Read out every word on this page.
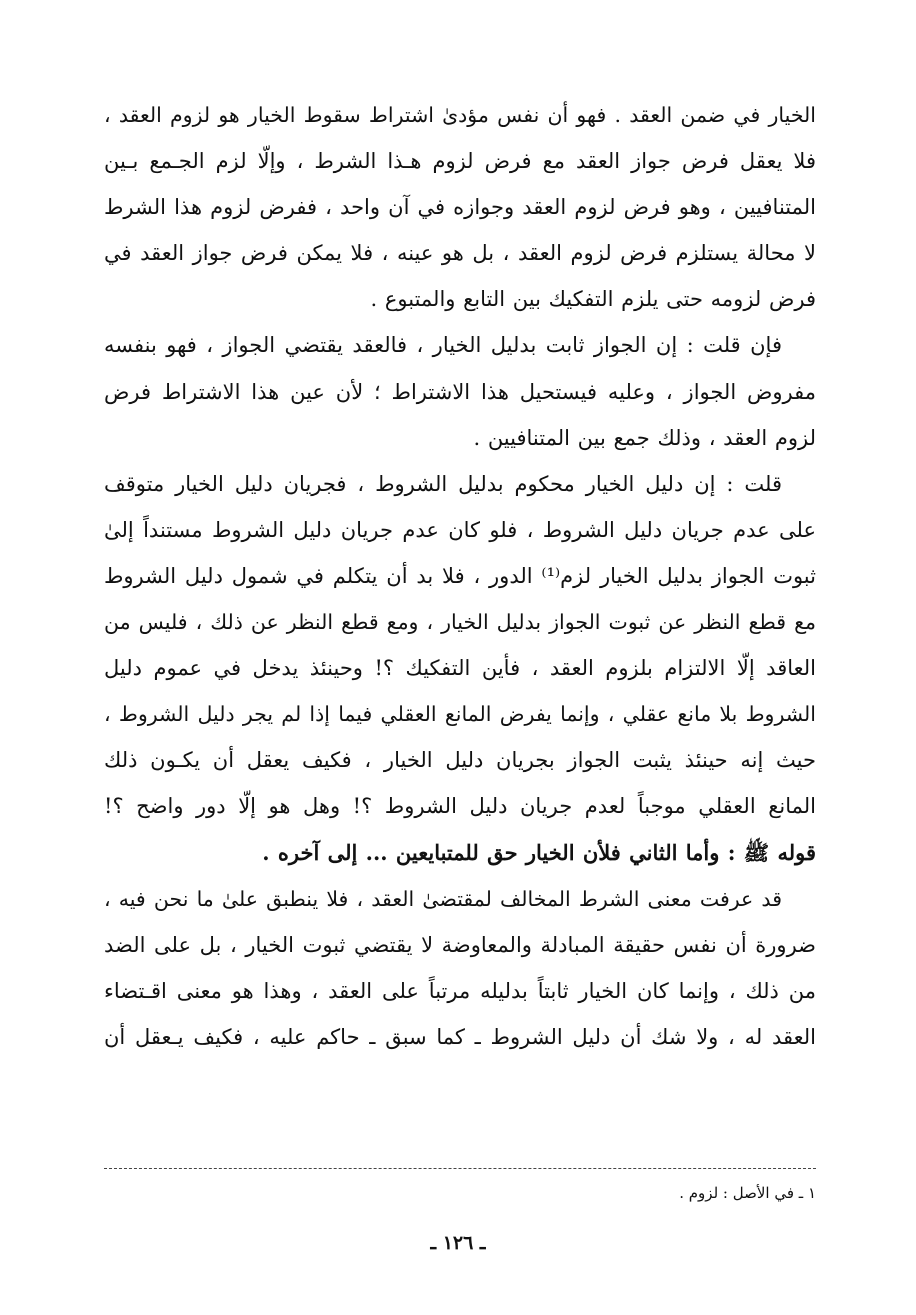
الخيار في ضمن العقد . فهو أن نفس مؤدىٰ اشتراط سقوط الخيار هو لزوم العقد ،
فلا يعقل فرض جواز العقد مع فرض لزوم هـذا الشرط ، وإلّا لزم الجـمع بـين
المتنافيين ، وهو فرض لزوم العقد وجوازه في آن واحد ، ففرض لزوم هذا الشرط
لا محالة يستلزم فرض لزوم العقد ، بل هو عينه ، فلا يمكن فرض جواز العقد في
فرض لزومه حتى يلزم التفكيك بين التابع والمتبوع .
فإن قلت : إن الجواز ثابت بدليل الخيار ، فالعقد يقتضي الجواز ، فهو بنفسه
مفروض الجواز ، وعليه فيستحيل هذا الاشتراط ؛ لأن عين هذا الاشتراط فرض
لزوم العقد ، وذلك جمع بين المتنافيين .
قلت : إن دليل الخيار محكوم بدليل الشروط ، فجريان دليل الخيار متوقف
على عدم جريان دليل الشروط ، فلو كان عدم جريان دليل الشروط مستنداً إلىٰ
ثبوت الجواز بدليل الخيار لزم⁽¹⁾ الدور ، فلا بد أن يتكلم في شمول دليل الشروط
مع قطع النظر عن ثبوت الجواز بدليل الخيار ، ومع قطع النظر عن ذلك ، فليس من
العاقد إلّا الالتزام بلزوم العقد ، فأين التفكيك ؟! وحينئذ يدخل في عموم دليل
الشروط بلا مانع عقلي ، وإنما يفرض المانع العقلي فيما إذا لم يجر دليل الشروط ،
حيث إنه حينئذ يثبت الجواز بجريان دليل الخيار ، فكيف يعقل أن يكـون ذلك
المانع العقلي موجباً لعدم جريان دليل الشروط ؟! وهل هو إلّا دور واضح ؟!
قوله ﷺ : وأما الثاني فلأن الخيار حق للمتبايعين ... إلى آخره .
قد عرفت معنى الشرط المخالف لمقتضىٰ العقد ، فلا ينطبق علىٰ ما نحن فيه ،
ضرورة أن نفس حقيقة المبادلة والمعاوضة لا يقتضي ثبوت الخيار ، بل على الضد
من ذلك ، وإنما كان الخيار ثابتاً بدليله مرتباً على العقد ، وهذا هو معنى اقـتضاء
العقد له ، ولا شك أن دليل الشروط ـ كما سبق ـ حاكم عليه ، فكيف يـعقل أن
١ ـ في الأصل : لزوم .
ـ ١٢٦ ـ
